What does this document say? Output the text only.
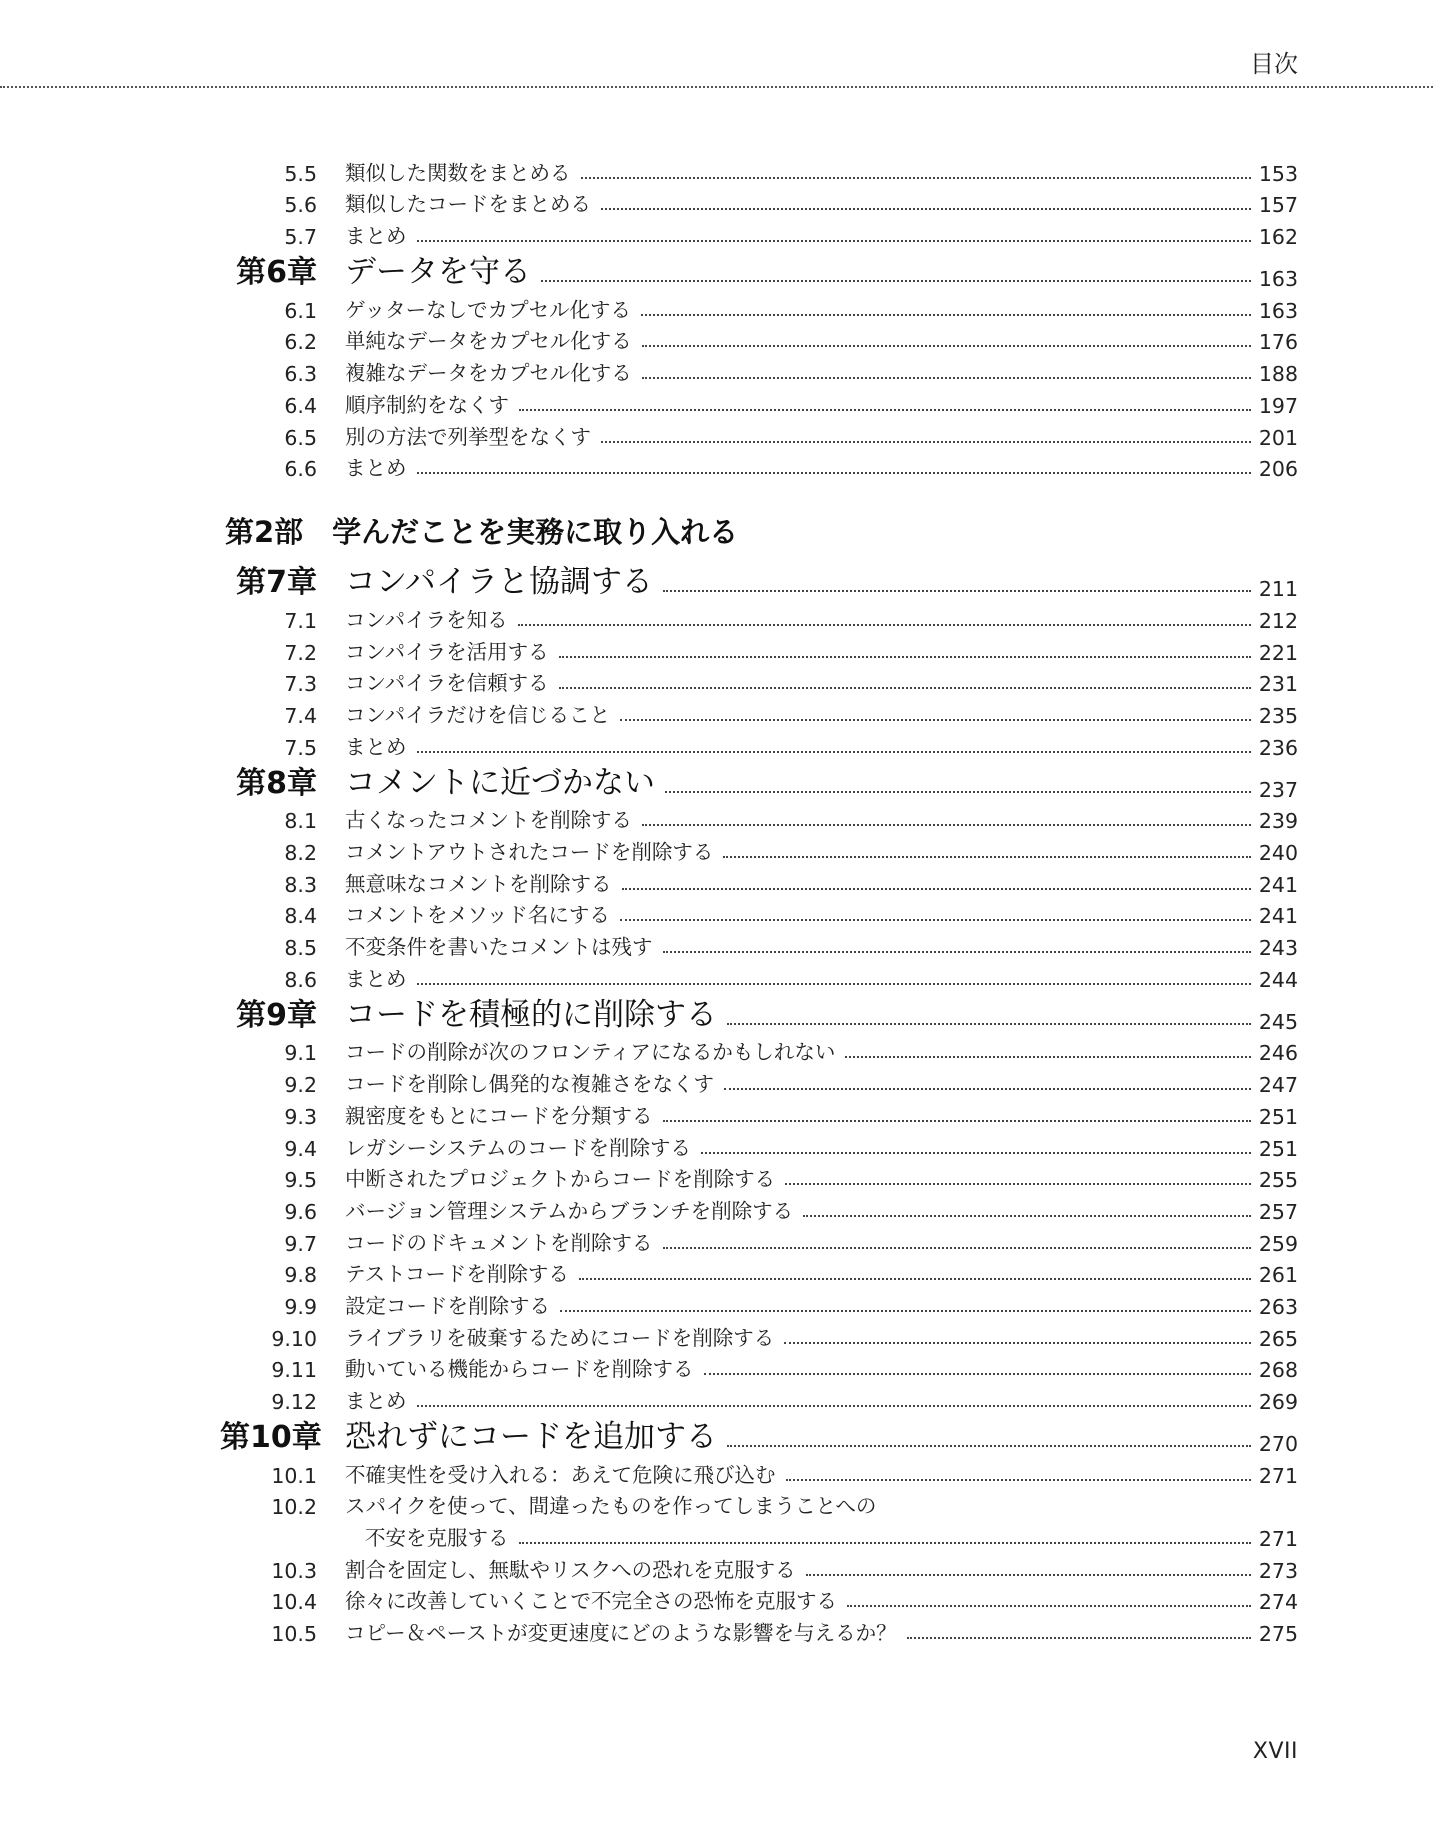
目次
5.5	類似した関数をまとめる	153
5.6	類似したコードをまとめる	157
5.7	まとめ	162
第6章 データを守る	163
6.1	ゲッターなしでカプセル化する	163
6.2	単純なデータをカプセル化する	176
6.3	複雑なデータをカプセル化する	188
6.4	順序制約をなくす	197
6.5	別の方法で列挙型をなくす	201
6.6	まとめ	206
第2部　学んだことを実務に取り入れる
第7章 コンパイラと協調する	211
7.1	コンパイラを知る	212
7.2	コンパイラを活用する	221
7.3	コンパイラを信頼する	231
7.4	コンパイラだけを信じること	235
7.5	まとめ	236
第8章 コメントに近づかない	237
8.1	古くなったコメントを削除する	239
8.2	コメントアウトされたコードを削除する	240
8.3	無意味なコメントを削除する	241
8.4	コメントをメソッド名にする	241
8.5	不変条件を書いたコメントは残す	243
8.6	まとめ	244
第9章 コードを積極的に削除する	245
9.1	コードの削除が次のフロンティアになるかもしれない	246
9.2	コードを削除し偶発的な複雑さをなくす	247
9.3	親密度をもとにコードを分類する	251
9.4	レガシーシステムのコードを削除する	251
9.5	中断されたプロジェクトからコードを削除する	255
9.6	バージョン管理システムからブランチを削除する	257
9.7	コードのドキュメントを削除する	259
9.8	テストコードを削除する	261
9.9	設定コードを削除する	263
9.10	ライブラリを破棄するためにコードを削除する	265
9.11	動いている機能からコードを削除する	268
9.12	まとめ	269
第10章 恐れずにコードを追加する	270
10.1	不確実性を受け入れる：あえて危険に飛び込む	271
10.2	スパイクを使って、間違ったものを作ってしまうことへの
不安を克服する	271
10.3	割合を固定し、無駄やリスクへの恐れを克服する	273
10.4	徐々に改善していくことで不完全さの恐怖を克服する	274
10.5	コピー＆ペーストが変更速度にどのような影響を与えるか？	275
XVII
